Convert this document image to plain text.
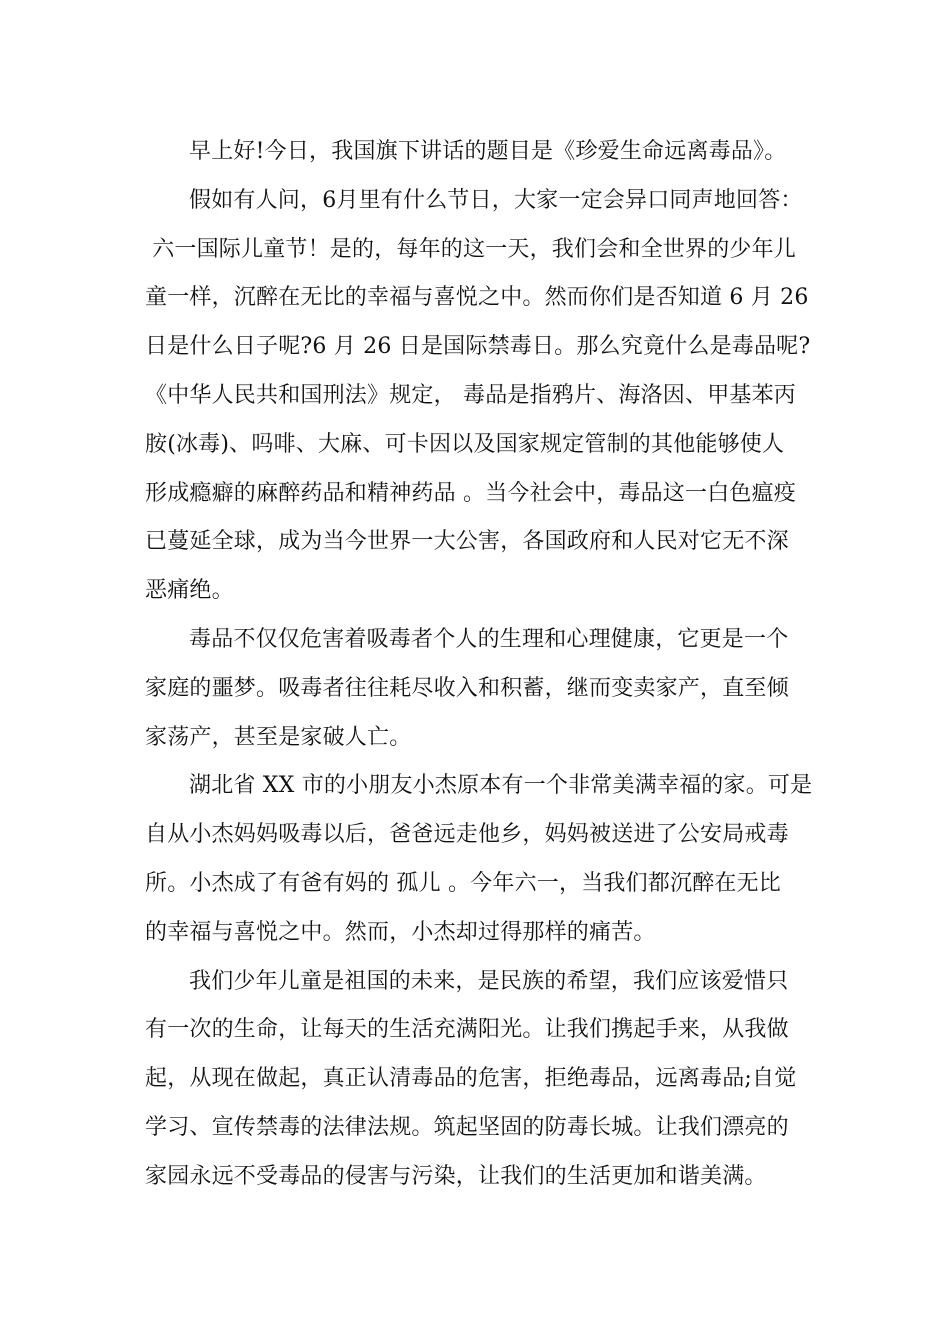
早上好!今日，我国旗下讲话的题目是《珍爱生命远离毒品》。
假如有人问，6月里有什么节日，大家一定会异口同声地回答：
六一国际儿童节！是的，每年的这一天，我们会和全世界的少年儿
童一样，沉醉在无比的幸福与喜悦之中。然而你们是否知道 6 月 26
日是什么日子呢?6 月 26 日是国际禁毒日。那么究竟什么是毒品呢?
《中华人民共和国刑法》规定， 毒品是指鸦片、海洛因、甲基苯丙
胺(冰毒)、吗啡、大麻、可卡因以及国家规定管制的其他能够使人
形成瘾癖的麻醉药品和精神药品 。当今社会中，毒品这一白色瘟疫
已蔓延全球，成为当今世界一大公害，各国政府和人民对它无不深
恶痛绝。
毒品不仅仅危害着吸毒者个人的生理和心理健康，它更是一个
家庭的噩梦。吸毒者往往耗尽收入和积蓄，继而变卖家产，直至倾
家荡产，甚至是家破人亡。
湖北省 XX 市的小朋友小杰原本有一个非常美满幸福的家。可是
自从小杰妈妈吸毒以后，爸爸远走他乡，妈妈被送进了公安局戒毒
所。小杰成了有爸有妈的 孤儿 。今年六一，当我们都沉醉在无比
的幸福与喜悦之中。然而，小杰却过得那样的痛苦。
我们少年儿童是祖国的未来，是民族的希望，我们应该爱惜只
有一次的生命，让每天的生活充满阳光。让我们携起手来，从我做
起，从现在做起，真正认清毒品的危害，拒绝毒品，远离毒品;自觉
学习、宣传禁毒的法律法规。筑起坚固的防毒长城。让我们漂亮的
家园永远不受毒品的侵害与污染，让我们的生活更加和谐美满。
